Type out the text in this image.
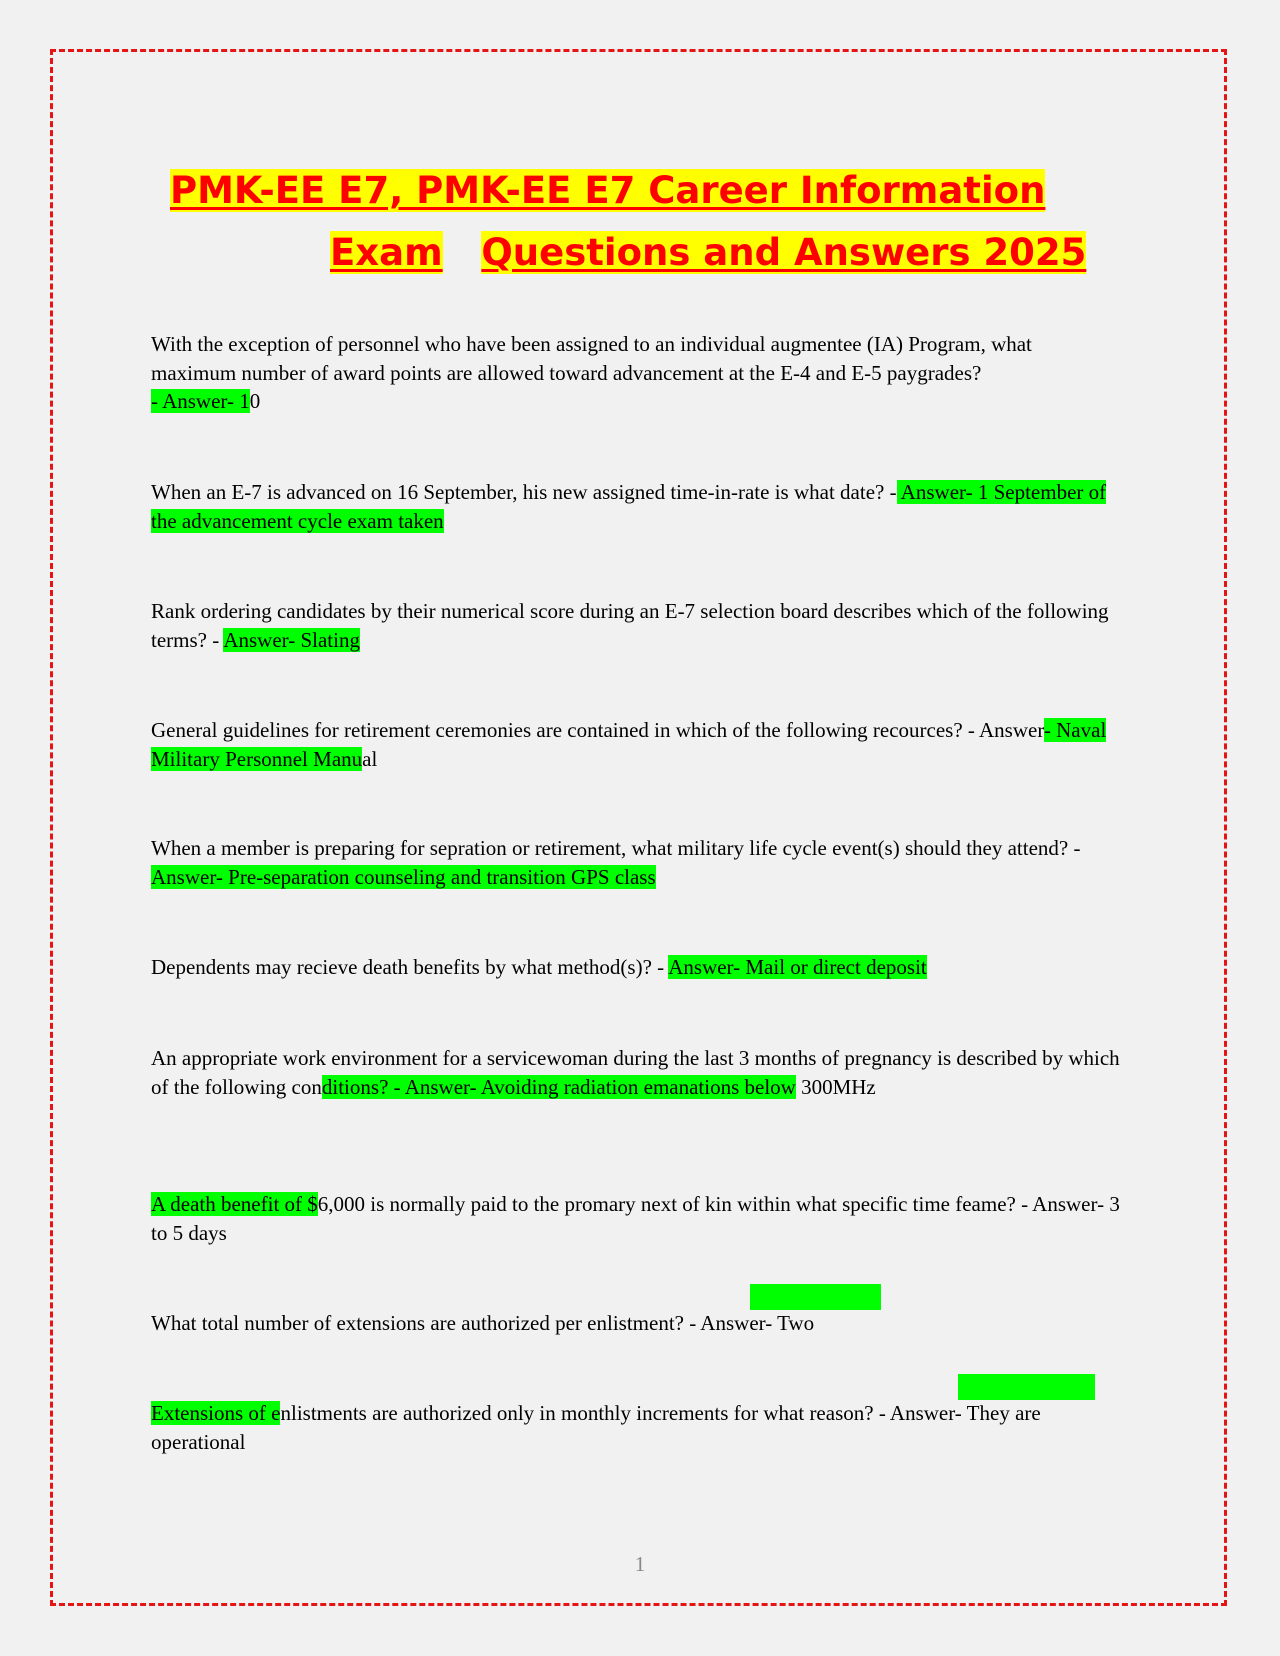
PMK-EE E7, PMK-EE E7 Career Information
Exam Questions and Answers 2025
With the exception of personnel who have been assigned to an individual augmentee (IA) Program, what maximum number of award points are allowed toward advancement at the E-4 and E-5 paygrades?
- Answer- 10
When an E-7 is advanced on 16 September, his new assigned time-in-rate is what date? - Answer- 1 September of the advancement cycle exam taken
Rank ordering candidates by their numerical score during an E-7 selection board describes which of the following terms? - Answer- Slating
General guidelines for retirement ceremonies are contained in which of the following recources? - Answer- Naval Military Personnel Manual
When a member is preparing for sepration or retirement, what military life cycle event(s) should they attend? - Answer- Pre-separation counseling and transition GPS class
Dependents may recieve death benefits by what method(s)? - Answer- Mail or direct deposit
An appropriate work environment for a servicewoman during the last 3 months of pregnancy is described by which of the following conditions? - Answer- Avoiding radiation emanations below 300MHz
A death benefit of $6,000 is normally paid to the promary next of kin within what specific time feame? - Answer- 3 to 5 days
What total number of extensions are authorized per enlistment? - Answer- Two
Extensions of enlistments are authorized only in monthly increments for what reason? - Answer- They are operational
1
